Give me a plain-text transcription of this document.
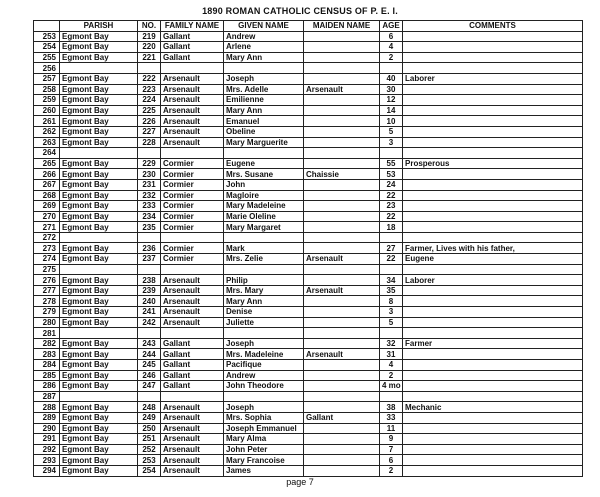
1890 ROMAN CATHOLIC CENSUS OF P. E. I.
	PARISH	NO.	FAMILY NAME	GIVEN NAME	MAIDEN NAME	AGE	COMMENTS
253	Egmont Bay	219	Gallant	Andrew		6	
254	Egmont Bay	220	Gallant	Arlene		4	
255	Egmont Bay	221	Gallant	Mary Ann		2	
256							
257	Egmont Bay	222	Arsenault	Joseph		40	Laborer
258	Egmont Bay	223	Arsenault	Mrs. Adelle	Arsenault	30	
259	Egmont Bay	224	Arsenault	Emilienne		12	
260	Egmont Bay	225	Arsenault	Mary Ann		14	
261	Egmont Bay	226	Arsenault	Emanuel		10	
262	Egmont Bay	227	Arsenault	Obeline		5	
263	Egmont Bay	228	Arsenault	Mary Marguerite		3	
264							
265	Egmont Bay	229	Cormier	Eugene		55	Prosperous
266	Egmont Bay	230	Cormier	Mrs. Susane	Chaissie	53	
267	Egmont Bay	231	Cormier	John		24	
268	Egmont Bay	232	Cormier	Magloire		22	
269	Egmont Bay	233	Cormier	Mary Madeleine		23	
270	Egmont Bay	234	Cormier	Marie Oleline		22	
271	Egmont Bay	235	Cormier	Mary Margaret		18	
272							
273	Egmont Bay	236	Cormier	Mark		27	Farmer, Lives with his father,
274	Egmont Bay	237	Cormier	Mrs. Zelie	Arsenault	22	Eugene
275							
276	Egmont Bay	238	Arsenault	Philip		34	Laborer
277	Egmont Bay	239	Arsenault	Mrs. Mary	Arsenault	35	
278	Egmont Bay	240	Arsenault	Mary Ann		8	
279	Egmont Bay	241	Arsenault	Denise		3	
280	Egmont Bay	242	Arsenault	Juliette		5	
281							
282	Egmont Bay	243	Gallant	Joseph		32	Farmer
283	Egmont Bay	244	Gallant	Mrs. Madeleine	Arsenault	31	
284	Egmont Bay	245	Gallant	Pacifique		4	
285	Egmont Bay	246	Gallant	Andrew		2	
286	Egmont Bay	247	Gallant	John Theodore		4 mo	
287							
288	Egmont Bay	248	Arsenault	Joseph		38	Mechanic
289	Egmont Bay	249	Arsenault	Mrs. Sophia	Gallant	33	
290	Egmont Bay	250	Arsenault	Joseph Emmanuel		11	
291	Egmont Bay	251	Arsenault	Mary Alma		9	
292	Egmont Bay	252	Arsenault	John Peter		7	
293	Egmont Bay	253	Arsenault	Mary Francoise		6	
294	Egmont Bay	254	Arsenault	James		2	
page 7
